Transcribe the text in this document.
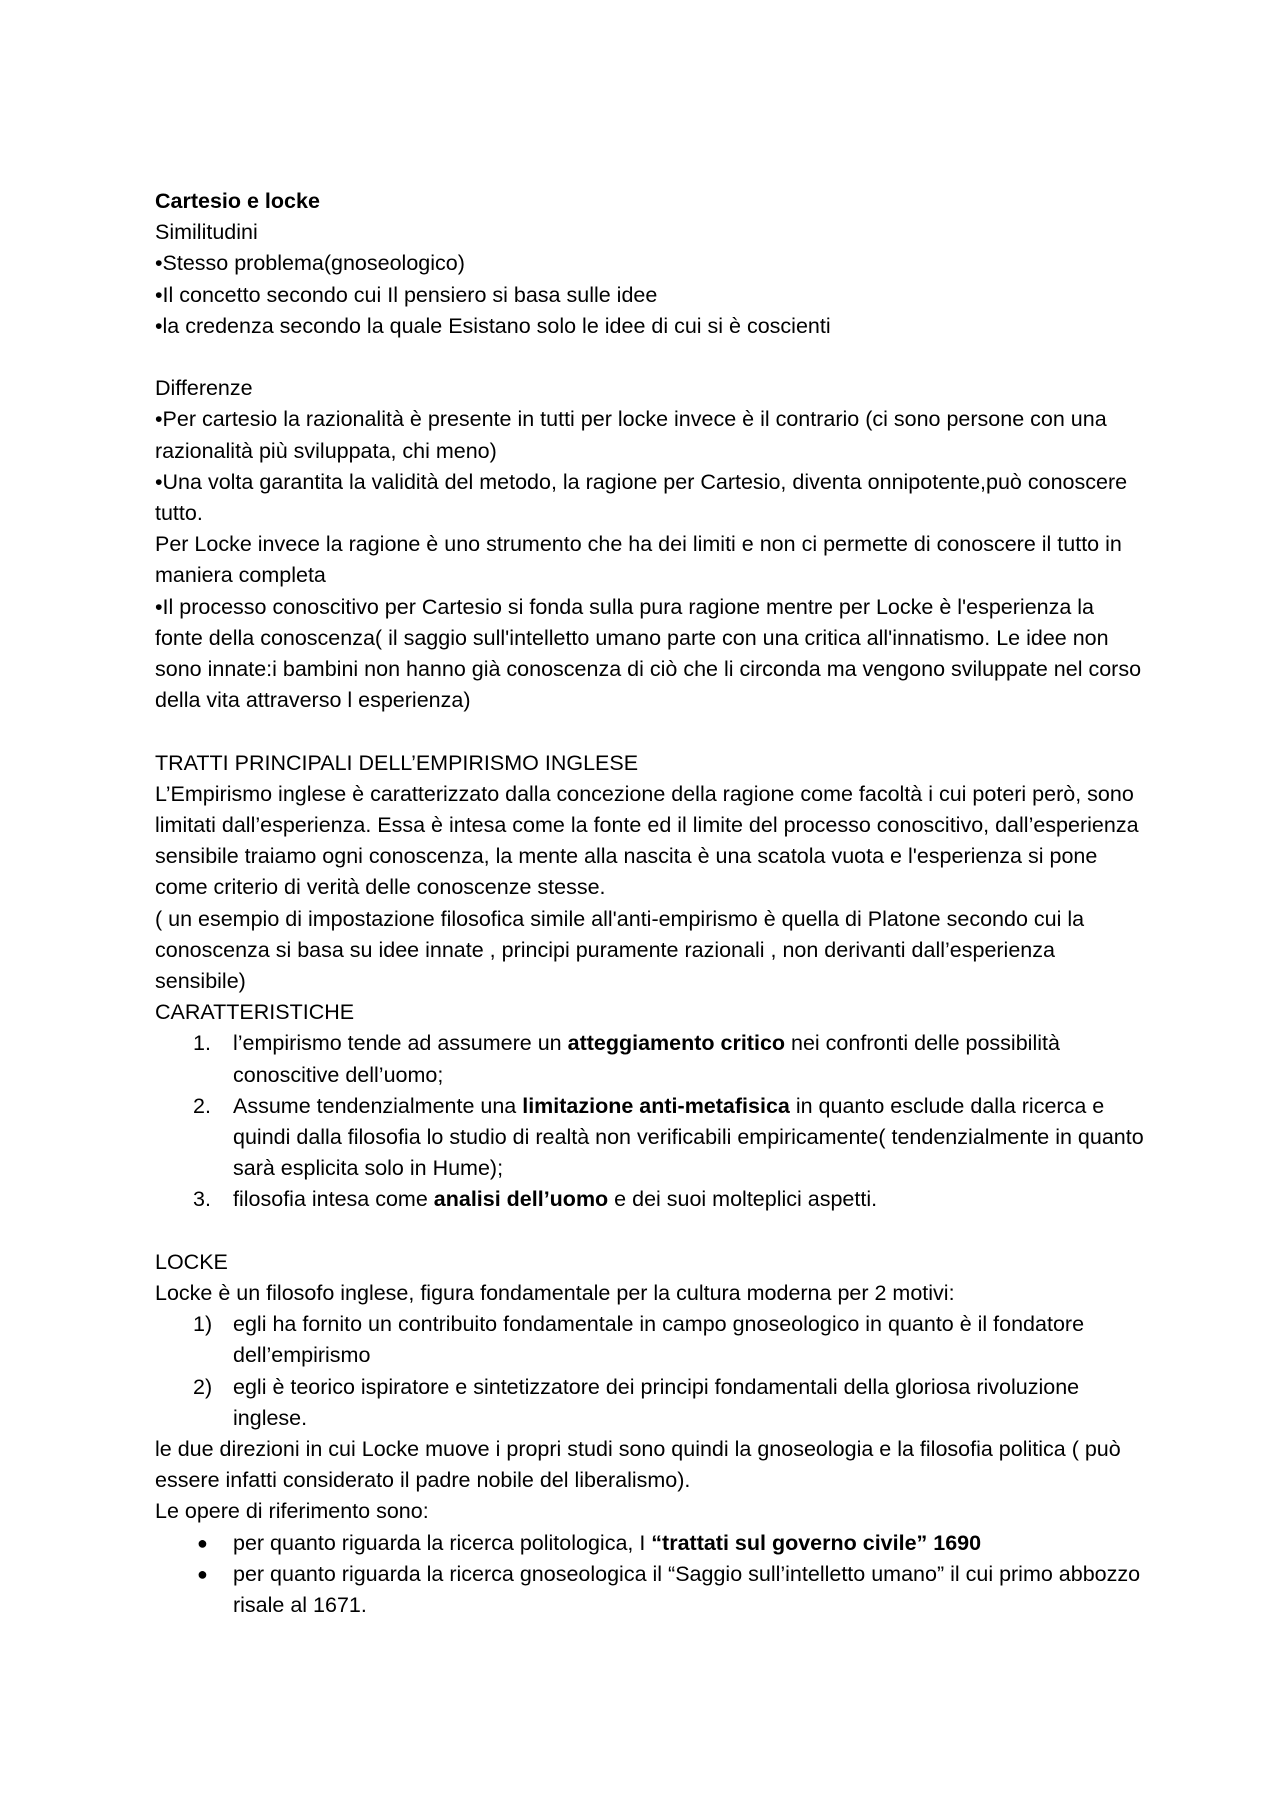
Cartesio e locke

Similitudini

•Stesso problema(gnoseologico)

•Il concetto secondo cui Il pensiero si basa sulle idee

•la credenza secondo la quale Esistano solo le idee di cui si è coscienti

Differenze

•Per cartesio la razionalità è presente in tutti per locke invece è il contrario (ci sono persone con una razionalità più sviluppata, chi meno)

•Una volta garantita la validità del metodo, la ragione per Cartesio, diventa onnipotente,può conoscere tutto.

Per Locke invece la ragione è uno strumento che ha dei limiti e non ci permette di conoscere il tutto in maniera completa

•Il processo conoscitivo per Cartesio si fonda sulla pura ragione mentre per Locke è l'esperienza la fonte della conoscenza( il saggio sull'intelletto umano parte con una critica all'innatismo. Le idee non sono innate:i bambini non hanno già conoscenza di ciò che li circonda ma vengono sviluppate nel corso della vita attraverso l esperienza)

TRATTI PRINCIPALI DELL’EMPIRISMO INGLESE

L’Empirismo inglese è caratterizzato dalla concezione della ragione come facoltà i cui poteri però, sono limitati dall’esperienza. Essa è intesa come la fonte ed il limite del processo conoscitivo, dall’esperienza sensibile traiamo ogni conoscenza, la mente alla nascita è una scatola vuota e l'esperienza si pone come criterio di verità delle conoscenze stesse.

( un esempio di impostazione filosofica simile all'anti-empirismo è quella di Platone secondo cui la conoscenza si basa su idee innate , principi puramente razionali , non derivanti dall’esperienza sensibile)

CARATTERISTICHE

1. l’empirismo tende ad assumere un atteggiamento critico nei confronti delle possibilità conoscitive dell’uomo;
2. Assume tendenzialmente una limitazione anti-metafisica in quanto esclude dalla ricerca e quindi dalla filosofia lo studio di realtà non verificabili empiricamente( tendenzialmente in quanto sarà esplicita solo in Hume);
3. filosofia intesa come analisi dell’uomo e dei suoi molteplici aspetti.

LOCKE

Locke è un filosofo inglese, figura fondamentale per la cultura moderna per 2 motivi:

1) egli ha fornito un contribuito fondamentale in campo gnoseologico in quanto è il fondatore dell’empirismo
2) egli è teorico ispiratore e sintetizzatore dei principi fondamentali della gloriosa rivoluzione inglese.

le due direzioni in cui Locke muove i propri studi sono quindi la gnoseologia e la filosofia politica ( può essere infatti considerato il padre nobile del liberalismo).

Le opere di riferimento sono:

● per quanto riguarda la ricerca politologica, I “trattati sul governo civile” 1690
● per quanto riguarda la ricerca gnoseologica il “Saggio sull’intelletto umano” il cui primo abbozzo risale al 1671.
